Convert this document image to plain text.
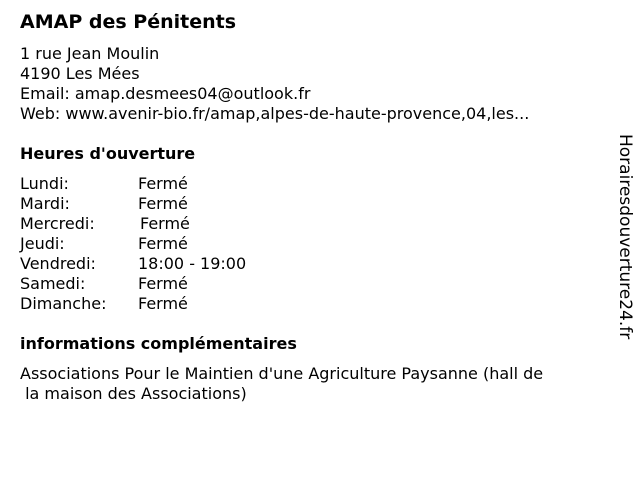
AMAP des Pénitents
1 rue Jean Moulin
4190 Les Mées
Email: amap.desmees04@outlook.fr
Web: www.avenir-bio.fr/amap,alpes-de-haute-provence,04,les...
Heures d'ouverture
Lundi:	Fermé
Mardi:	Fermé
Mercredi:	Fermé
Jeudi:	Fermé
Vendredi:	18:00 - 19:00
Samedi:	Fermé
Dimanche: Fermé
informations complémentaires
Associations Pour le Maintien d'une Agriculture Paysanne (hall de
la maison des Associations)
Horairesdouverture24.fr
